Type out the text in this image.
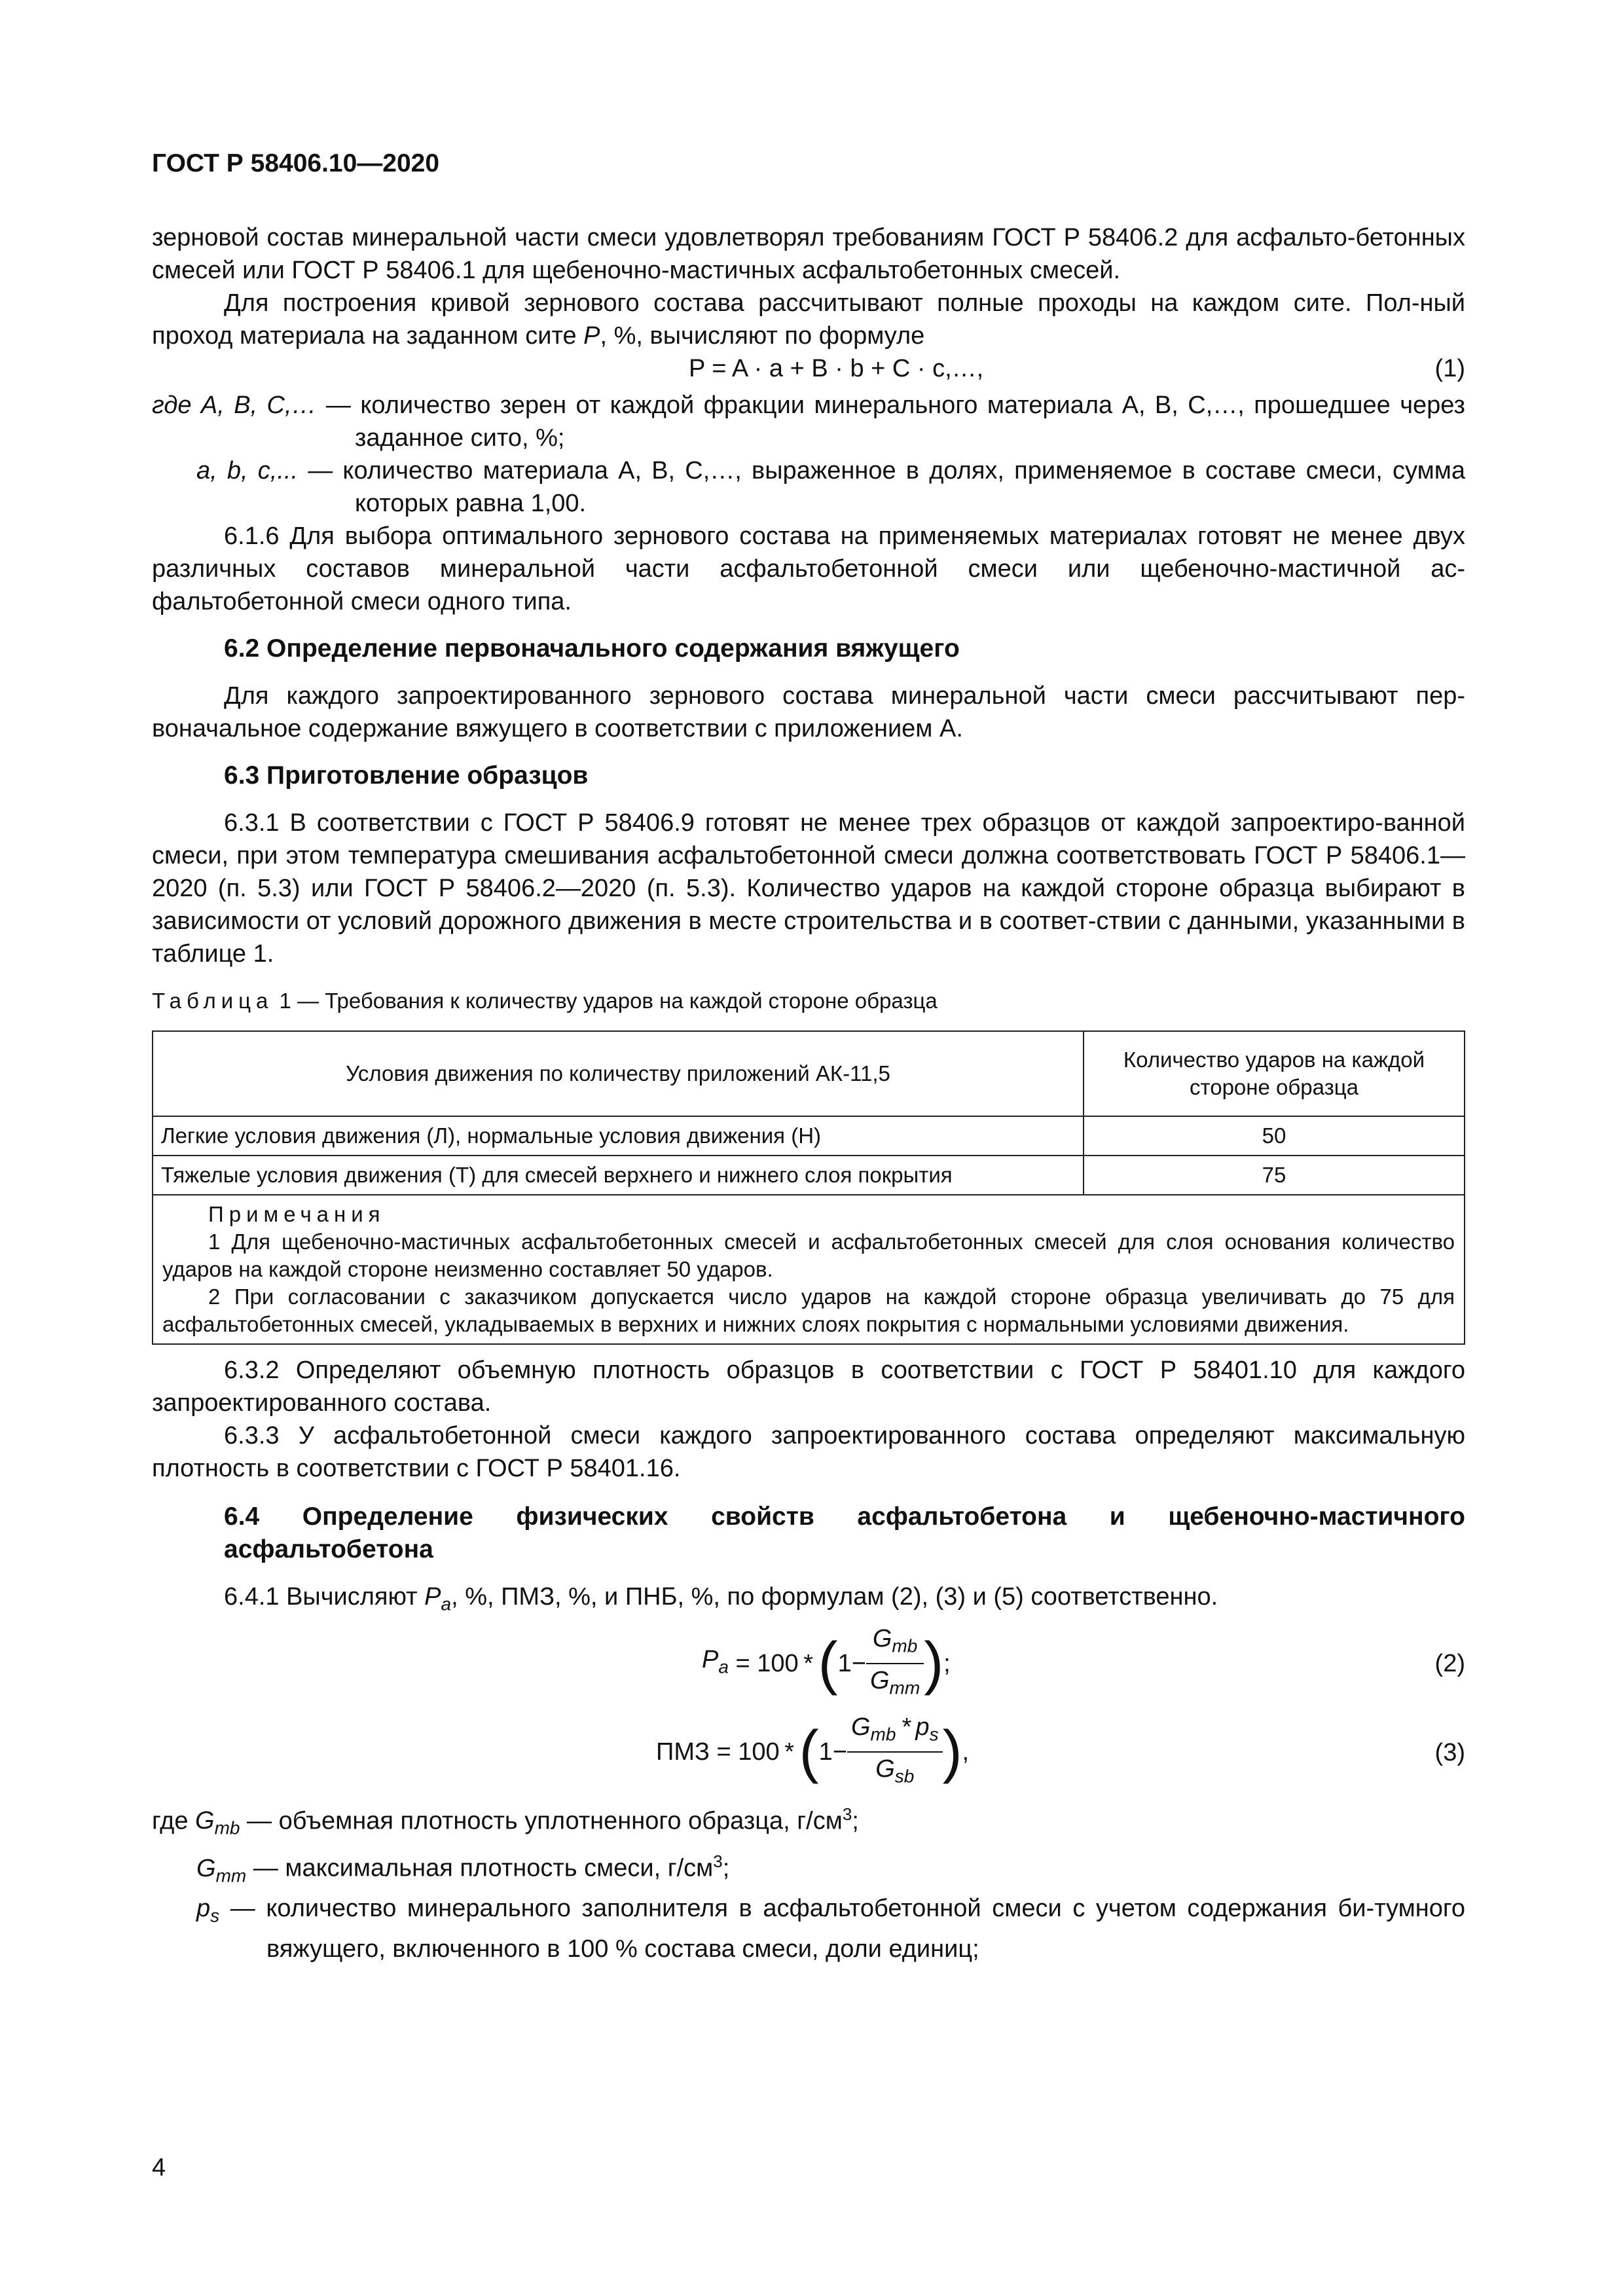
ГОСТ Р 58406.10—2020

зерновой состав минеральной части смеси удовлетворял требованиям ГОСТ Р 58406.2 для асфальто-бетонных смесей или ГОСТ Р 58406.1 для щебеночно-мастичных асфальтобетонных смесей.

Для построения кривой зернового состава рассчитывают полные проходы на каждом сите. Пол-ный проход материала на заданном сите P, %, вычисляют по формуле

P = A · a + B · b + C · c,…,	(1)

где A, B, C,… — количество зерен от каждой фракции минерального материала A, B, C,…, прошедшее через заданное сито, %;

a, b, c,... — количество материала A, B, C,…, выраженное в долях, применяемое в составе смеси, сумма которых равна 1,00.

6.1.6 Для выбора оптимального зернового состава на применяемых материалах готовят не менее двух различных составов минеральной части асфальтобетонной смеси или щебеночно-мастичной ас-фальтобетонной смеси одного типа.

6.2 Определение первоначального содержания вяжущего

Для каждого запроектированного зернового состава минеральной части смеси рассчитывают пер-воначальное содержание вяжущего в соответствии с приложением А.

6.3 Приготовление образцов

6.3.1 В соответствии с ГОСТ Р 58406.9 готовят не менее трех образцов от каждой запроектиро-ванной смеси, при этом температура смешивания асфальтобетонной смеси должна соответствовать ГОСТ Р 58406.1—2020 (п. 5.3) или ГОСТ Р 58406.2—2020 (п. 5.3). Количество ударов на каждой стороне образца выбирают в зависимости от условий дорожного движения в месте строительства и в соответ-ствии с данными, указанными в таблице 1.

Таблица 1 — Требования к количеству ударов на каждой стороне образца

Условия движения по количеству приложений АК-11,5	Количество ударов на каждой стороне образца
Легкие условия движения (Л), нормальные условия движения (Н)	50
Тяжелые условия движения (Т) для смесей верхнего и нижнего слоя покрытия	75

Примечания
1 Для щебеночно-мастичных асфальтобетонных смесей и асфальтобетонных смесей для слоя основания количество ударов на каждой стороне неизменно составляет 50 ударов.
2 При согласовании с заказчиком допускается число ударов на каждой стороне образца увеличивать до 75 для асфальтобетонных смесей, укладываемых в верхних и нижних слоях покрытия с нормальными условиями движения.	

6.3.2 Определяют объемную плотность образцов в соответствии с ГОСТ Р 58401.10 для каждого запроектированного состава.

6.3.3 У асфальтобетонной смеси каждого запроектированного состава определяют максимальную плотность в соответствии с ГОСТ Р 58401.16.

6.4 Определение физических свойств асфальтобетона и щебеночно-мастичного асфальтобетона

6.4.1 Вычисляют $P_a$, %, ПМЗ, %, и ПНБ, %, по формулам (2), (3) и (5) соответственно.

$P_a = 100$ *  ( $1- \frac{G_{mb}}{G_{mm}}$ ) ;	(2)
ПМЗ = 100 *  ( $1- \frac{G_{mb} * p_s}{G_{sb}}$ ) ,	(3)

где $G_{mb}$ — объемная плотность уплотненного образца, $г/см^3$;

$G_{mm}$ — максимальная плотность смеси, $г/см^3$;

$p_s$ — количество минерального заполнителя в асфальтобетонной смеси с учетом содержания би-тумного вяжущего, включенного в 100 % состава смеси, доли единиц;

4
